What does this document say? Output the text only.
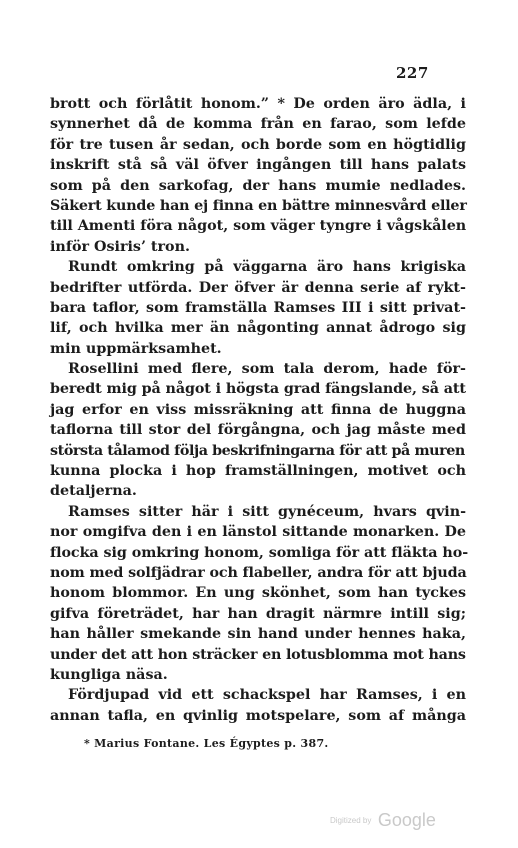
227
brott och förlåtit honom.” * De orden äro ädla, i
synnerhet då de komma från en farao, som lefde
för tre tusen år sedan, och borde som en högtidlig
inskrift stå så väl öfver ingången till hans palats
som på den sarkofag, der hans mumie nedlades.
Säkert kunde han ej finna en bättre minnesvård eller
till Amenti föra något, som väger tyngre i vågskålen
inför Osiris’ tron.
Rundt omkring på väggarna äro hans krigiska
bedrifter utförda. Der öfver är denna serie af rykt-
bara taflor, som framställa Ramses III i sitt privat-
lif, och hvilka mer än någonting annat ådrogo sig
min uppmärksamhet.
Rosellini med flere, som tala derom, hade för-
beredt mig på något i högsta grad fängslande, så att
jag erfor en viss missräkning att finna de huggna
taflorna till stor del förgångna, och jag måste med
största tålamod följa beskrifningarna för att på muren
kunna plocka i hop framställningen, motivet och
detaljerna.
Ramses sitter här i sitt gynéceum, hvars qvin-
nor omgifva den i en länstol sittande monarken. De
flocka sig omkring honom, somliga för att fläkta ho-
nom med solfjädrar och flabeller, andra för att bjuda
honom blommor. En ung skönhet, som han tyckes
gifva företrädet, har han dragit närmre intill sig;
han håller smekande sin hand under hennes haka,
under det att hon sträcker en lotusblomma mot hans
kungliga näsa.
Fördjupad vid ett schackspel har Ramses, i en
annan tafla, en qvinlig motspelare, som af många
* Marius Fontane. Les Égyptes p. 387.
Digitized by Google
